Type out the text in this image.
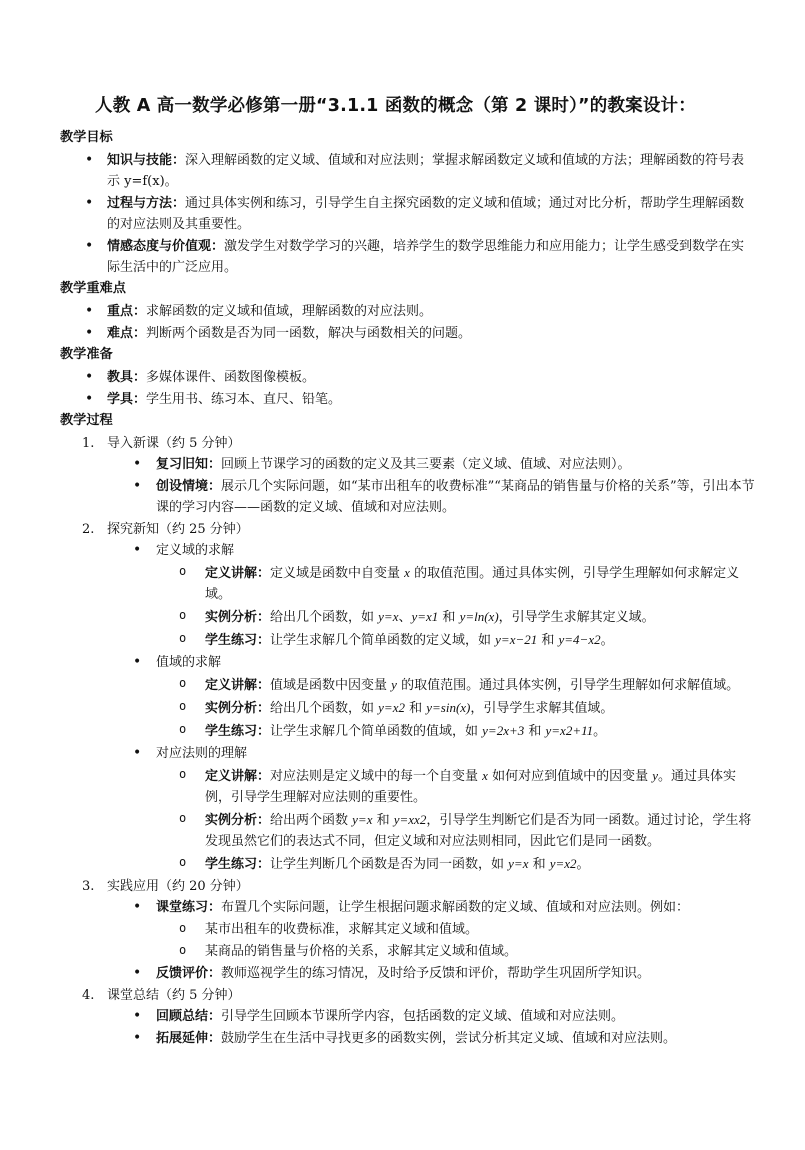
人教 A 高一数学必修第一册“3.1.1 函数的概念（第 2 课时）”的教案设计：
教学目标
• 知识与技能：深入理解函数的定义域、值域和对应法则；掌握求解函数定义域和值域的方法；理解函数的符号表示 y=f(x)。
• 过程与方法：通过具体实例和练习，引导学生自主探究函数的定义域和值域；通过对比分析，帮助学生理解函数的对应法则及其重要性。
• 情感态度与价值观：激发学生对数学学习的兴趣，培养学生的数学思维能力和应用能力；让学生感受到数学在实际生活中的广泛应用。
教学重难点
• 重点：求解函数的定义域和值域，理解函数的对应法则。
• 难点：判断两个函数是否为同一函数，解决与函数相关的问题。
教学准备
• 教具：多媒体课件、函数图像模板。
• 学具：学生用书、练习本、直尺、铅笔。
教学过程
1. 导入新课（约 5 分钟）
• 复习旧知：回顾上节课学习的函数的定义及其三要素（定义域、值域、对应法则）。
• 创设情境：展示几个实际问题，如“某市出租车的收费标准”“某商品的销售量与价格的关系”等，引出本节课的学习内容——函数的定义域、值域和对应法则。
2. 探究新知（约 25 分钟）
• 定义域的求解
o 定义讲解：定义域是函数中自变量 x 的取值范围。通过具体实例，引导学生理解如何求解定义域。
o 实例分析：给出几个函数，如 y=x、y=x1 和 y=ln(x)，引导学生求解其定义域。
o 学生练习：让学生求解几个简单函数的定义域，如 y=x−21 和 y=4−x2。
• 值域的求解
o 定义讲解：值域是函数中因变量 y 的取值范围。通过具体实例，引导学生理解如何求解值域。
o 实例分析：给出几个函数，如 y=x2 和 y=sin(x)，引导学生求解其值域。
o 学生练习：让学生求解几个简单函数的值域，如 y=2x+3 和 y=x2+11。
• 对应法则的理解
o 定义讲解：对应法则是定义域中的每一个自变量 x 如何对应到值域中的因变量 y。通过具体实例，引导学生理解对应法则的重要性。
o 实例分析：给出两个函数 y=x 和 y=xx2，引导学生判断它们是否为同一函数。通过讨论，学生将发现虽然它们的表达式不同，但定义域和对应法则相同，因此它们是同一函数。
o 学生练习：让学生判断几个函数是否为同一函数，如 y=x 和 y=x2。
3. 实践应用（约 20 分钟）
• 课堂练习：布置几个实际问题，让学生根据问题求解函数的定义域、值域和对应法则。例如：
o 某市出租车的收费标准，求解其定义域和值域。
o 某商品的销售量与价格的关系，求解其定义域和值域。
• 反馈评价：教师巡视学生的练习情况，及时给予反馈和评价，帮助学生巩固所学知识。
4. 课堂总结（约 5 分钟）
• 回顾总结：引导学生回顾本节课所学内容，包括函数的定义域、值域和对应法则。
• 拓展延伸：鼓励学生在生活中寻找更多的函数实例，尝试分析其定义域、值域和对应法则。
